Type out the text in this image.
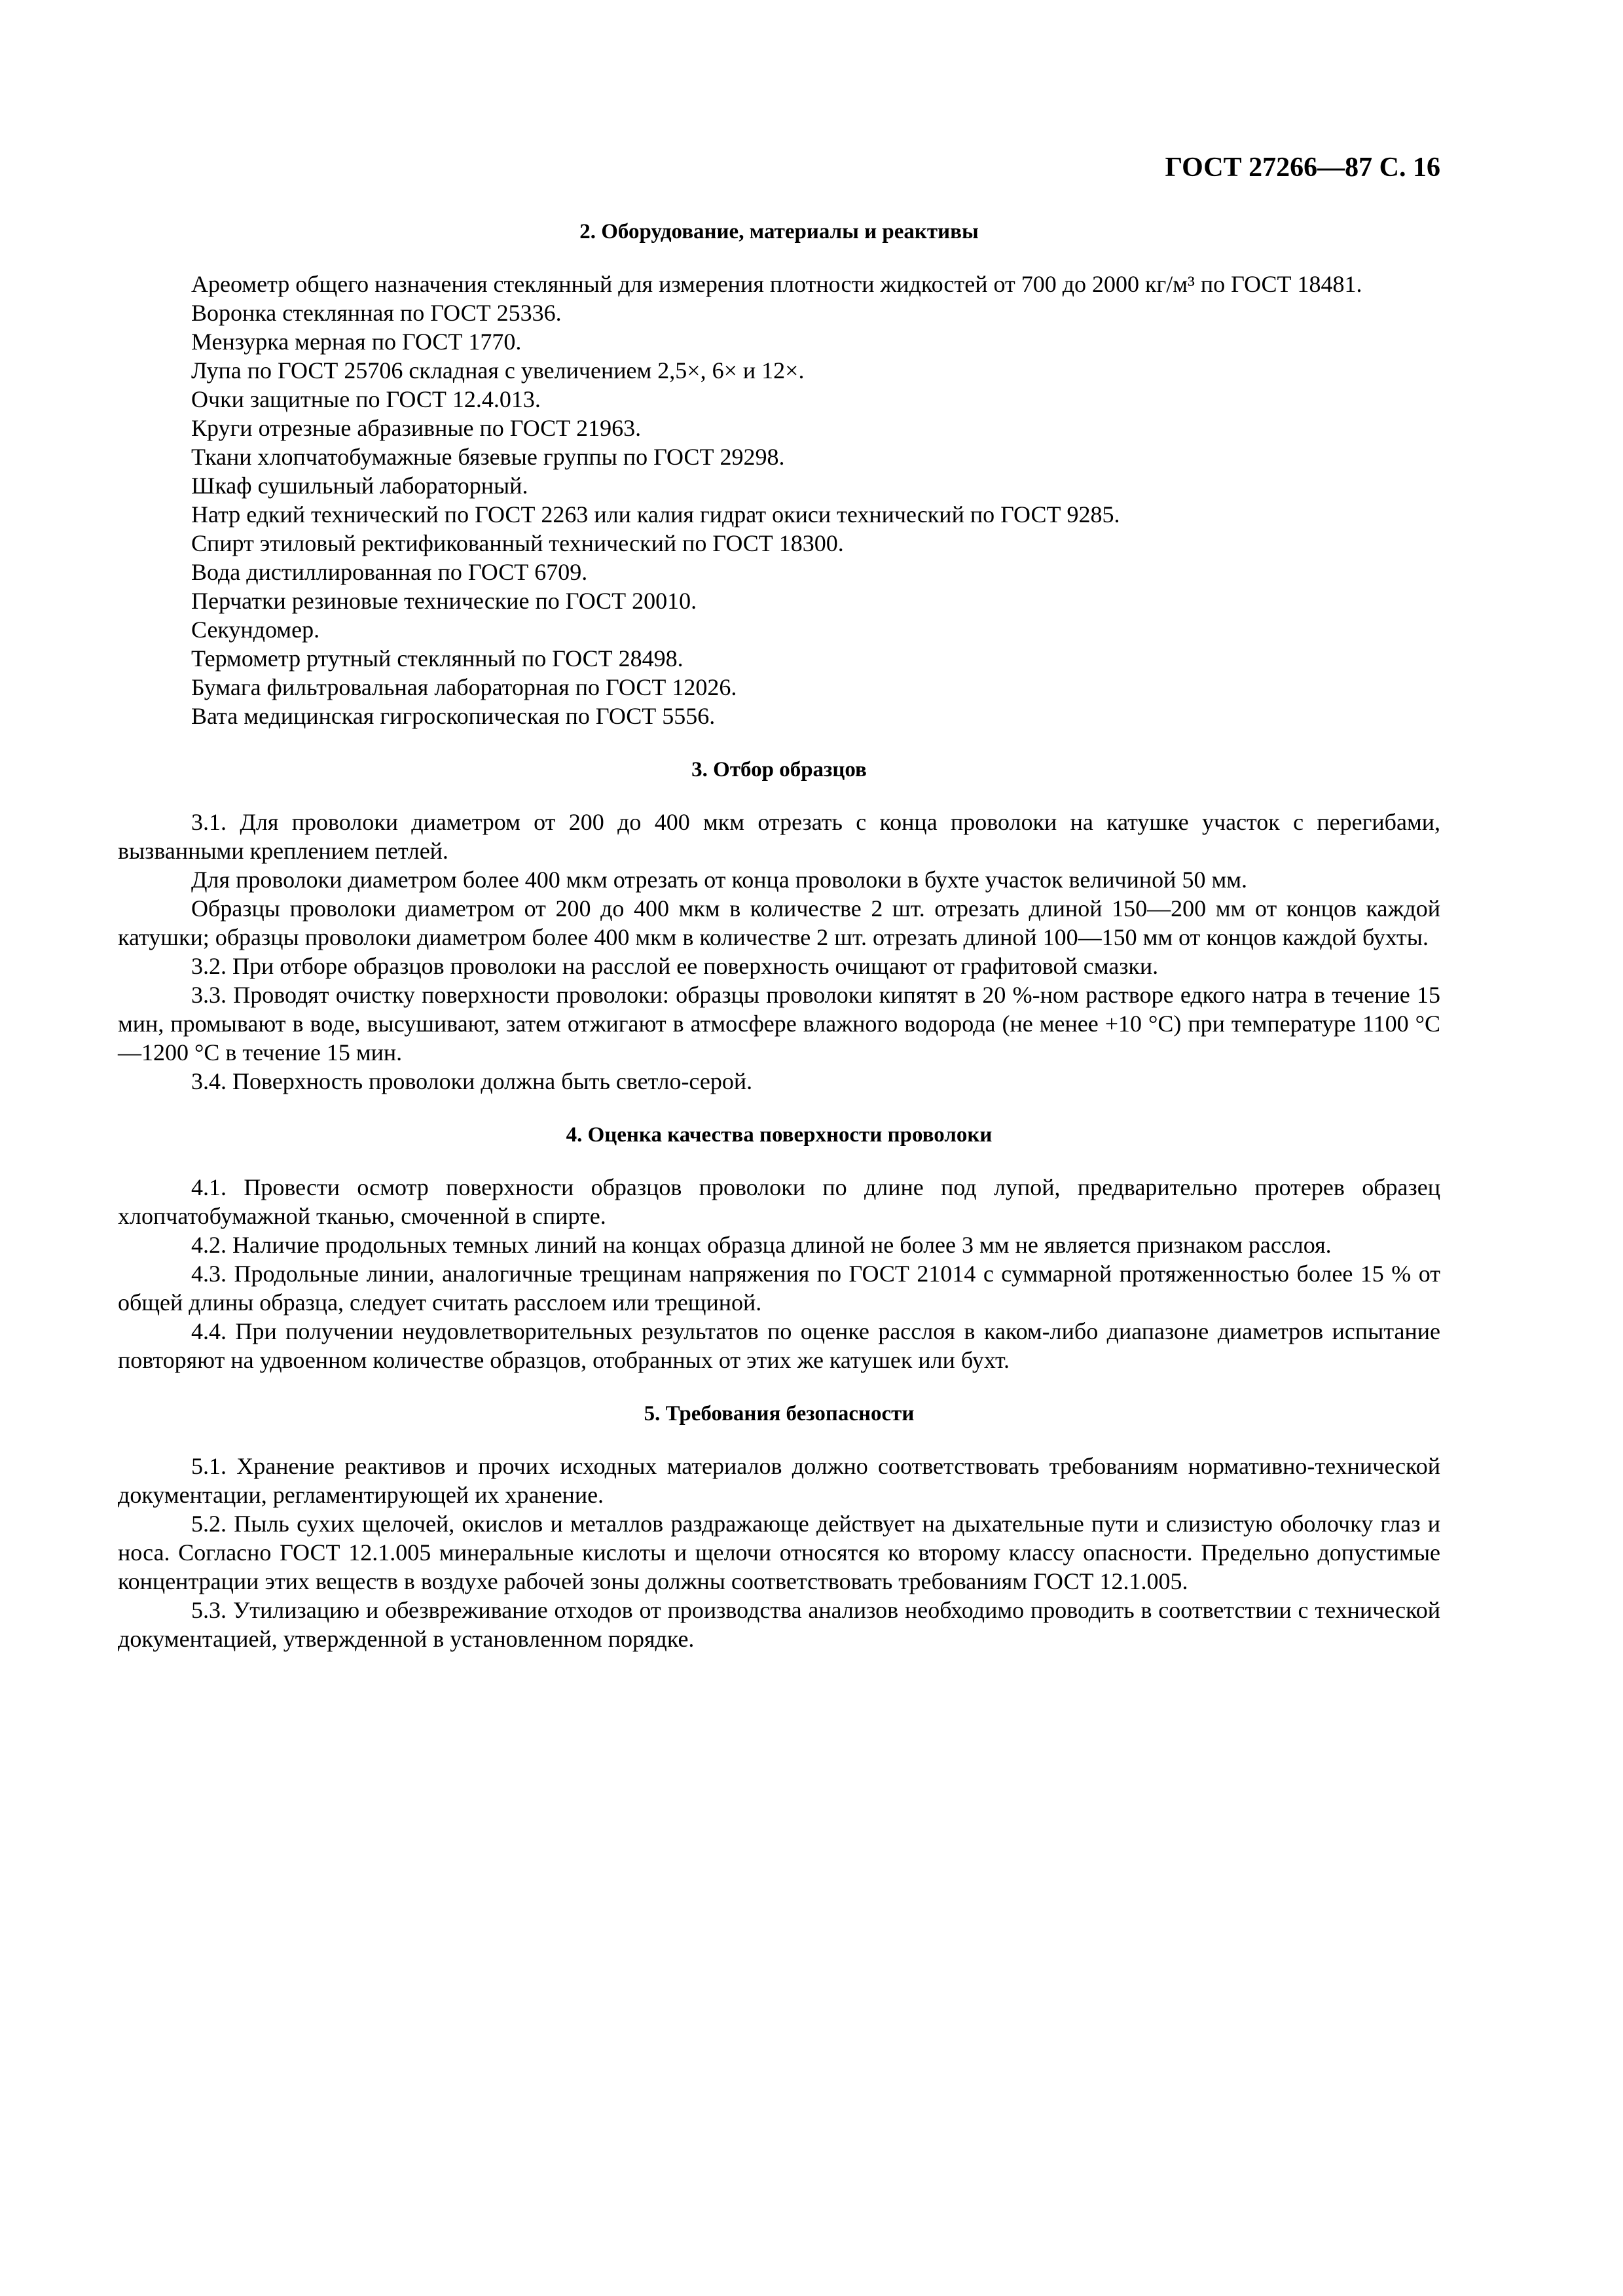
ГОСТ 27266—87 С. 16
2. Оборудование, материалы и реактивы

Ареометр общего назначения стеклянный для измерения плотности жидкостей от 700 до 2000 кг/м³ по ГОСТ 18481.

Воронка стеклянная по ГОСТ 25336.

Мензурка мерная по ГОСТ 1770.

Лупа по ГОСТ 25706 складная с увеличением 2,5×, 6× и 12×.

Очки защитные по ГОСТ 12.4.013.

Круги отрезные абразивные по ГОСТ 21963.

Ткани хлопчатобумажные бязевые группы по ГОСТ 29298.

Шкаф сушильный лабораторный.

Натр едкий технический по ГОСТ 2263 или калия гидрат окиси технический по ГОСТ 9285.

Спирт этиловый ректификованный технический по ГОСТ 18300.

Вода дистиллированная по ГОСТ 6709.

Перчатки резиновые технические по ГОСТ 20010.

Секундомер.

Термометр ртутный стеклянный по ГОСТ 28498.

Бумага фильтровальная лабораторная по ГОСТ 12026.

Вата медицинская гигроскопическая по ГОСТ 5556.

3. Отбор образцов

3.1. Для проволоки диаметром от 200 до 400 мкм отрезать с конца проволоки на катушке участок с перегибами, вызванными креплением петлей.

Для проволоки диаметром более 400 мкм отрезать от конца проволоки в бухте участок величиной 50 мм.

Образцы проволоки диаметром от 200 до 400 мкм в количестве 2 шт. отрезать длиной 150—200 мм от концов каждой катушки; образцы проволоки диаметром более 400 мкм в количестве 2 шт. отрезать длиной 100—150 мм от концов каждой бухты.

3.2. При отборе образцов проволоки на расслой ее поверхность очищают от графитовой смазки.

3.3. Проводят очистку поверхности проволоки: образцы проволоки кипятят в 20 %-ном растворе едкого натра в течение 15 мин, промывают в воде, высушивают, затем отжигают в атмосфере влажного водорода (не менее +10 °С) при температуре 1100 °С—1200 °С в течение 15 мин.

3.4. Поверхность проволоки должна быть светло-серой.

4. Оценка качества поверхности проволоки

4.1. Провести осмотр поверхности образцов проволоки по длине под лупой, предварительно протерев образец хлопчатобумажной тканью, смоченной в спирте.

4.2. Наличие продольных темных линий на концах образца длиной не более 3 мм не является признаком расслоя.

4.3. Продольные линии, аналогичные трещинам напряжения по ГОСТ 21014 с суммарной протяженностью более 15 % от общей длины образца, следует считать расслоем или трещиной.

4.4. При получении неудовлетворительных результатов по оценке расслоя в каком-либо диапазоне диаметров испытание повторяют на удвоенном количестве образцов, отобранных от этих же катушек или бухт.

5. Требования безопасности

5.1. Хранение реактивов и прочих исходных материалов должно соответствовать требованиям нормативно-технической документации, регламентирующей их хранение.

5.2. Пыль сухих щелочей, окислов и металлов раздражающе действует на дыхательные пути и слизистую оболочку глаз и носа. Согласно ГОСТ 12.1.005 минеральные кислоты и щелочи относятся ко второму классу опасности. Предельно допустимые концентрации этих веществ в воздухе рабочей зоны должны соответствовать требованиям ГОСТ 12.1.005.

5.3. Утилизацию и обезвреживание отходов от производства анализов необходимо проводить в соответствии с технической документацией, утвержденной в установленном порядке.
